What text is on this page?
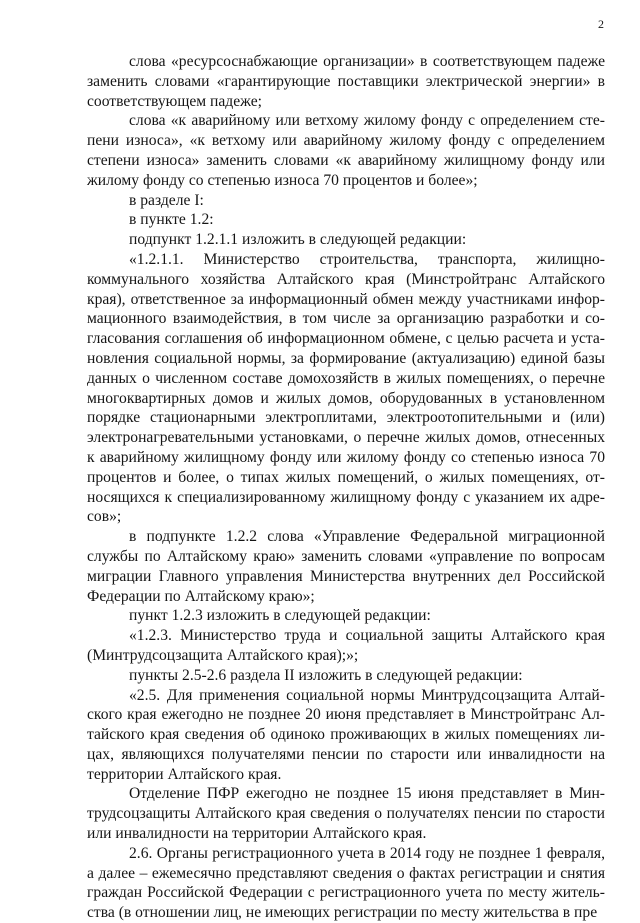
2

слова «ресурсоснабжающие организации» в соответствующем падеже заменить словами «гарантирующие поставщики электрической энергии» в соответствующем падеже;

слова «к аварийному или ветхому жилому фонду с определением степени износа», «к ветхому или аварийному жилому фонду с определением степени износа» заменить словами «к аварийному жилищному фонду или жилому фонду со степенью износа 70 процентов и более»;

в разделе I:

в пункте 1.2:

подпункт 1.2.1.1 изложить в следующей редакции:

«1.2.1.1. Министерство строительства, транспорта, жилищно-коммунального хозяйства Алтайского края (Минстройтранс Алтайского края), ответственное за информационный обмен между участниками информационного взаимодействия, в том числе за организацию разработки и согласования соглашения об информационном обмене, с целью расчета и установления социальной нормы, за формирование (актуализацию) единой базы данных о численном составе домохозяйств в жилых помещениях, о перечне многоквартирных домов и жилых домов, оборудованных в установленном порядке стационарными электроплитами, электроотопительными и (или) электронагревательными установками, о перечне жилых домов, отнесенных к аварийному жилищному фонду или жилому фонду со степенью износа 70 процентов и более, о типах жилых помещений, о жилых помещениях, относящихся к специализированному жилищному фонду с указанием их адресов»;

в подпункте 1.2.2 слова «Управление Федеральной миграционной службы по Алтайскому краю» заменить словами «управление по вопросам миграции Главного управления Министерства внутренних дел Российской Федерации по Алтайскому краю»;

пункт 1.2.3 изложить в следующей редакции:

«1.2.3. Министерство труда и социальной защиты Алтайского края (Минтрудсоцзащита Алтайского края);»;

пункты 2.5-2.6 раздела II изложить в следующей редакции:

«2.5. Для применения социальной нормы Минтрудсоцзащита Алтайского края ежегодно не позднее 20 июня представляет в Минстройтранс Алтайского края сведения об одиноко проживающих в жилых помещениях лицах, являющихся получателями пенсии по старости или инвалидности на территории Алтайского края.

Отделение ПФР ежегодно не позднее 15 июня представляет в Минтрудсоцзащиты Алтайского края сведения о получателях пенсии по старости или инвалидности на территории Алтайского края.

2.6. Органы регистрационного учета в 2014 году не позднее 1 февраля, а далее – ежемесячно представляют сведения о фактах регистрации и снятия граждан Российской Федерации с регистрационного учета по месту жительства (в отношении лиц, не имеющих регистрации по месту жительства в пре
